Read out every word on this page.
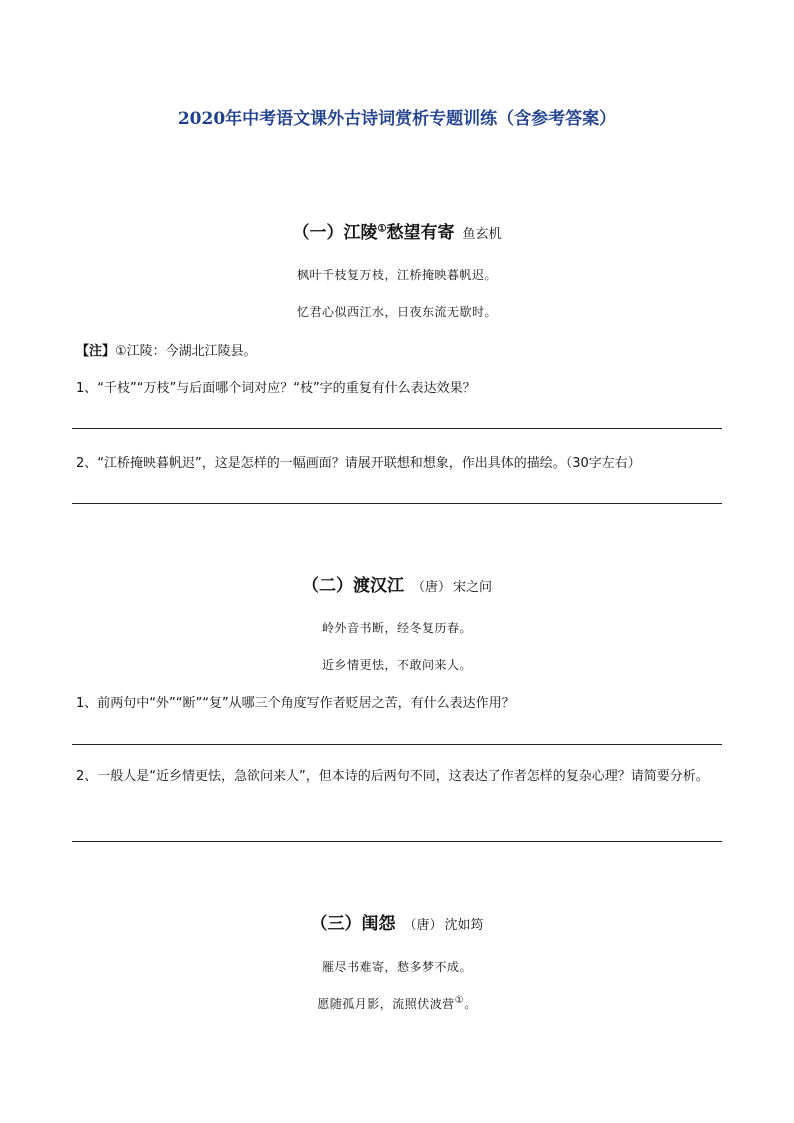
2020年中考语文课外古诗词赏析专题训练（含参考答案）
（一）江陵①愁望有寄 鱼玄机
枫叶千枝复万枝，江桥掩映暮帆迟。
忆君心似西江水，日夜东流无歇时。
【注】①江陵：今湖北江陵县。
1、“千枝”“万枝”与后面哪个词对应？“枝”字的重复有什么表达效果？
2、“江桥掩映暮帆迟”，这是怎样的一幅画面？请展开联想和想象，作出具体的描绘。（30字左右）
（二）渡汉江 （唐） 宋之问
岭外音书断，经冬复历春。
近乡情更怯，不敢问来人。
1、前两句中“外”“断”“复”从哪三个角度写作者贬居之苦，有什么表达作用？
2、一般人是“近乡情更怯，急欲问来人”，但本诗的后两句不同，这表达了作者怎样的复杂心理？请简要分析。
（三）闺怨 （唐） 沈如筠
雁尽书难寄，愁多梦不成。
愿随孤月影，流照伏波营①。
